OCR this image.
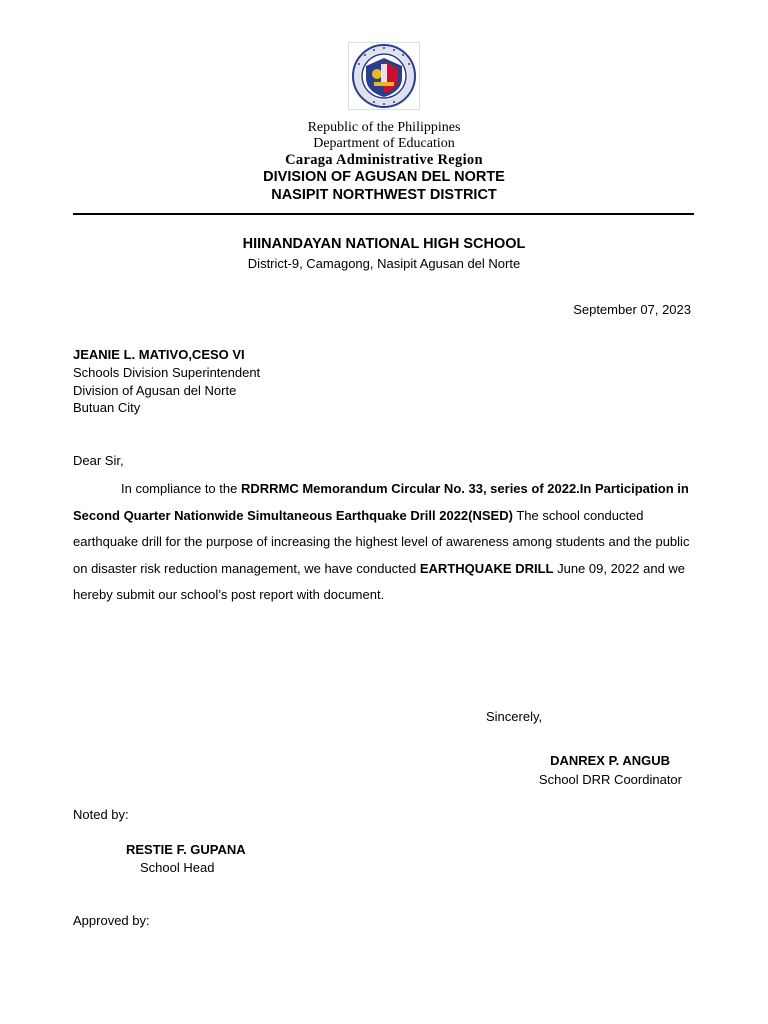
Republic of the Philippines
Department of Education
Caraga Administrative Region
DIVISION OF AGUSAN DEL NORTE
NASIPIT NORTHWEST DISTRICT
HIINANDAYAN NATIONAL HIGH SCHOOL
District-9, Camagong, Nasipit Agusan del Norte
September 07, 2023
JEANIE L. MATIVO,CESO VI
Schools Division Superintendent
Division of Agusan del Norte
Butuan City
Dear Sir,
In compliance to the RDRRMC Memorandum Circular No. 33, series of 2022.In Participation in Second Quarter Nationwide Simultaneous Earthquake Drill 2022(NSED) The school conducted earthquake drill for the purpose of increasing the highest level of awareness among students and the public on disaster risk reduction management, we have conducted EARTHQUAKE DRILL June 09, 2022 and we hereby submit our school’s post report with document.
Sincerely,
DANREX P. ANGUB
School DRR Coordinator
Noted by:
RESTIE F. GUPANA
School Head
Approved by:
